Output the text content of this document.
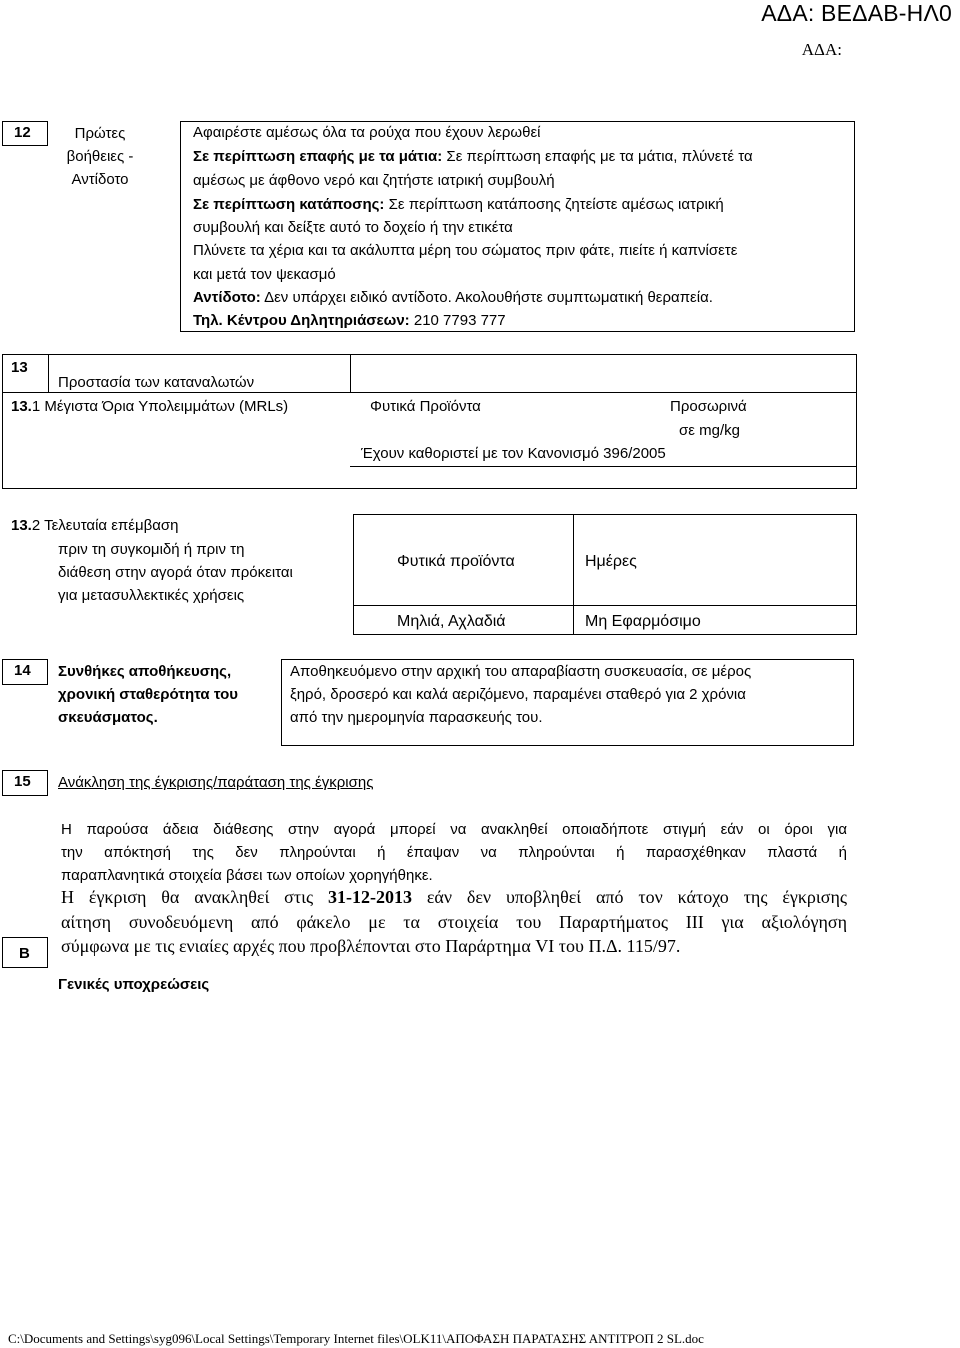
ΑΔΑ: ΒΕΔΑΒ-ΗΛ0
ΑΔΑ:
12	Πρώτες
βοήθειες -
Αντίδοτο
Αφαιρέστε αμέσως όλα τα ρούχα που έχουν λερωθεί
Σε περίπτωση επαφής με τα μάτια: Σε περίπτωση επαφής με τα μάτια, πλύνετέ τα
αμέσως με άφθονο νερό και ζητήστε ιατρική συμβουλή
Σε περίπτωση κατάποσης: Σε περίπτωση κατάποσης ζητείστε αμέσως ιατρική
συμβουλή και δείξτε αυτό το δοχείο ή την ετικέτα
Πλύνετε τα χέρια και τα ακάλυπτα μέρη του σώματος πριν φάτε, πιείτε ή καπνίσετε
και μετά τον ψεκασμό
Αντίδοτο: Δεν υπάρχει ειδικό αντίδοτο. Ακολουθήστε συμπτωματική θεραπεία.
Τηλ. Κέντρου Δηλητηριάσεων: 210 7793 777
13
Προστασία των καταναλωτών
13.1 Μέγιστα Όρια Υπολειμμάτων (MRLs)	Φυτικά Προϊόντα	Προσωρινά
σε mg/kg
Έχουν καθοριστεί με τον Κανονισμό 396/2005
13.2 Τελευταία επέμβαση
πριν τη συγκομιδή ή πριν τη
διάθεση στην αγορά όταν πρόκειται
για μετασυλλεκτικές χρήσεις
Φυτικά προϊόντα	Ημέρες
Μηλιά, Αχλαδιά	Μη Εφαρμόσιμο
14	Συνθήκες αποθήκευσης,
χρονική σταθερότητα του
σκευάσματος.
Αποθηκευόμενο στην αρχική του απαραβίαστη συσκευασία, σε μέρος
ξηρό, δροσερό και καλά αεριζόμενο, παραμένει σταθερό για 2 χρόνια
από την ημερομηνία παρασκευής του.
15	Ανάκληση της έγκρισης/παράταση της έγκρισης
Η παρούσα άδεια διάθεσης στην αγορά μπορεί να ανακληθεί οποιαδήποτε στιγμή εάν οι όροι για
την απόκτησή της δεν πληρούνται ή έπαψαν να πληρούνται ή παρασχέθηκαν πλαστά ή
παραπλανητικά στοιχεία βάσει των οποίων χορηγήθηκε.
Η έγκριση θα ανακληθεί στις 31-12-2013 εάν δεν υποβληθεί από τον κάτοχο της έγκρισης
αίτηση συνοδευόμενη από φάκελο με τα στοιχεία του Παραρτήματος ΙΙΙ για αξιολόγηση
σύμφωνα με τις ενιαίες αρχές που προβλέπονται στο Παράρτημα VI του Π.Δ. 115/97.
B
Γενικές υποχρεώσεις
C:\Documents and Settings\syg096\Local Settings\Temporary Internet files\OLK11\ΑΠΟΦΑΣΗ ΠΑΡΑΤΑΣΗΣ ΑΝΤΙΤΡΟΠ 2 SL.doc
